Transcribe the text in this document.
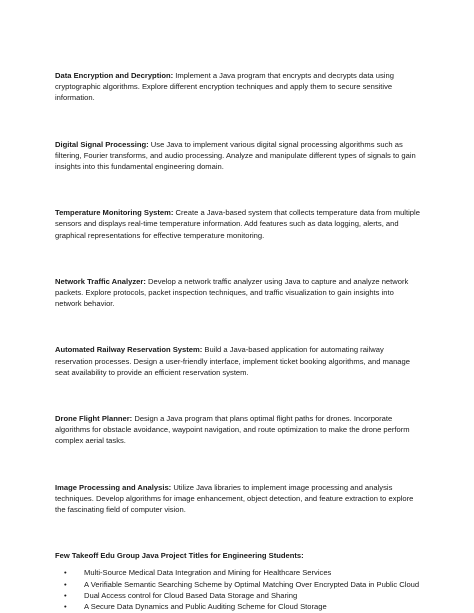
Data Encryption and Decryption: Implement a Java program that encrypts and decrypts data using cryptographic algorithms. Explore different encryption techniques and apply them to secure sensitive information.

Digital Signal Processing: Use Java to implement various digital signal processing algorithms such as filtering, Fourier transforms, and audio processing. Analyze and manipulate different types of signals to gain insights into this fundamental engineering domain.

Temperature Monitoring System: Create a Java-based system that collects temperature data from multiple sensors and displays real-time temperature information. Add features such as data logging, alerts, and graphical representations for effective temperature monitoring.

Network Traffic Analyzer: Develop a network traffic analyzer using Java to capture and analyze network packets. Explore protocols, packet inspection techniques, and traffic visualization to gain insights into network behavior.

Automated Railway Reservation System: Build a Java-based application for automating railway reservation processes. Design a user-friendly interface, implement ticket booking algorithms, and manage seat availability to provide an efficient reservation system.

Drone Flight Planner: Design a Java program that plans optimal flight paths for drones. Incorporate algorithms for obstacle avoidance, waypoint navigation, and route optimization to make the drone perform complex aerial tasks.

Image Processing and Analysis: Utilize Java libraries to implement image processing and analysis techniques. Develop algorithms for image enhancement, object detection, and feature extraction to explore the fascinating field of computer vision.

Few Takeoff Edu Group Java Project Titles for Engineering Students:

• Multi-Source Medical Data Integration and Mining for Healthcare Services
• A Verifiable Semantic Searching Scheme by Optimal Matching Over Encrypted Data in Public Cloud
• Dual Access control for Cloud Based Data Storage and Sharing
• A Secure Data Dynamics and Public Auditing Scheme for Cloud Storage
